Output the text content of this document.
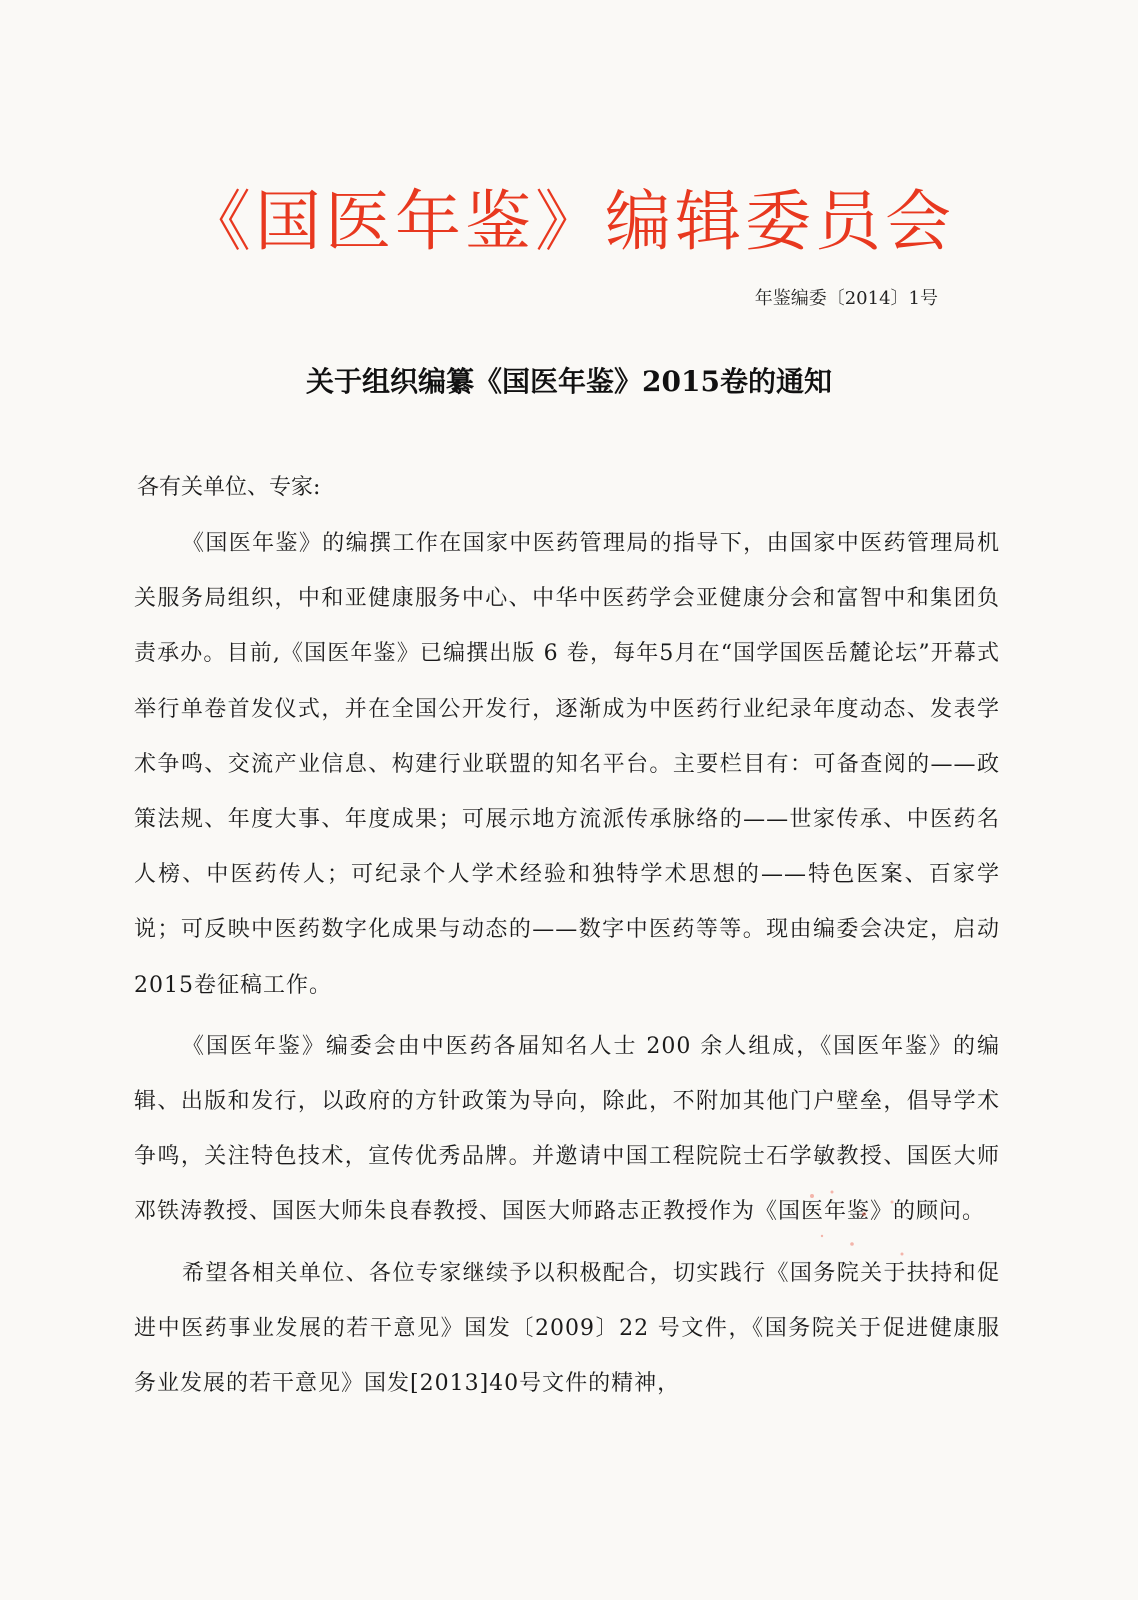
《国医年鉴》编辑委员会
年鉴编委〔2014〕1号
关于组织编纂《国医年鉴》2015卷的通知
各有关单位、专家:

《国医年鉴》的编撰工作在国家中医药管理局的指导下，由国家中医药管理局机关服务局组织，中和亚健康服务中心、中华中医药学会亚健康分会和富智中和集团负责承办。目前,《国医年鉴》已编撰出版 6 卷，每年5月在“国学国医岳麓论坛”开幕式举行单卷首发仪式，并在全国公开发行，逐渐成为中医药行业纪录年度动态、发表学术争鸣、交流产业信息、构建行业联盟的知名平台。主要栏目有：可备查阅的——政策法规、年度大事、年度成果；可展示地方流派传承脉络的——世家传承、中医药名人榜、中医药传人；可纪录个人学术经验和独特学术思想的——特色医案、百家学说；可反映中医药数字化成果与动态的——数字中医药等等。现由编委会决定，启动2015卷征稿工作。

《国医年鉴》编委会由中医药各届知名人士 200 余人组成，《国医年鉴》的编辑、出版和发行，以政府的方针政策为导向，除此，不附加其他门户壁垒，倡导学术争鸣，关注特色技术，宣传优秀品牌。并邀请中国工程院院士石学敏教授、国医大师邓铁涛教授、国医大师朱良春教授、国医大师路志正教授作为《国医年鉴》的顾问。

希望各相关单位、各位专家继续予以积极配合，切实践行《国务院关于扶持和促进中医药事业发展的若干意见》国发〔2009〕22 号文件，《国务院关于促进健康服务业发展的若干意见》国发[2013]40号文件的精神，
